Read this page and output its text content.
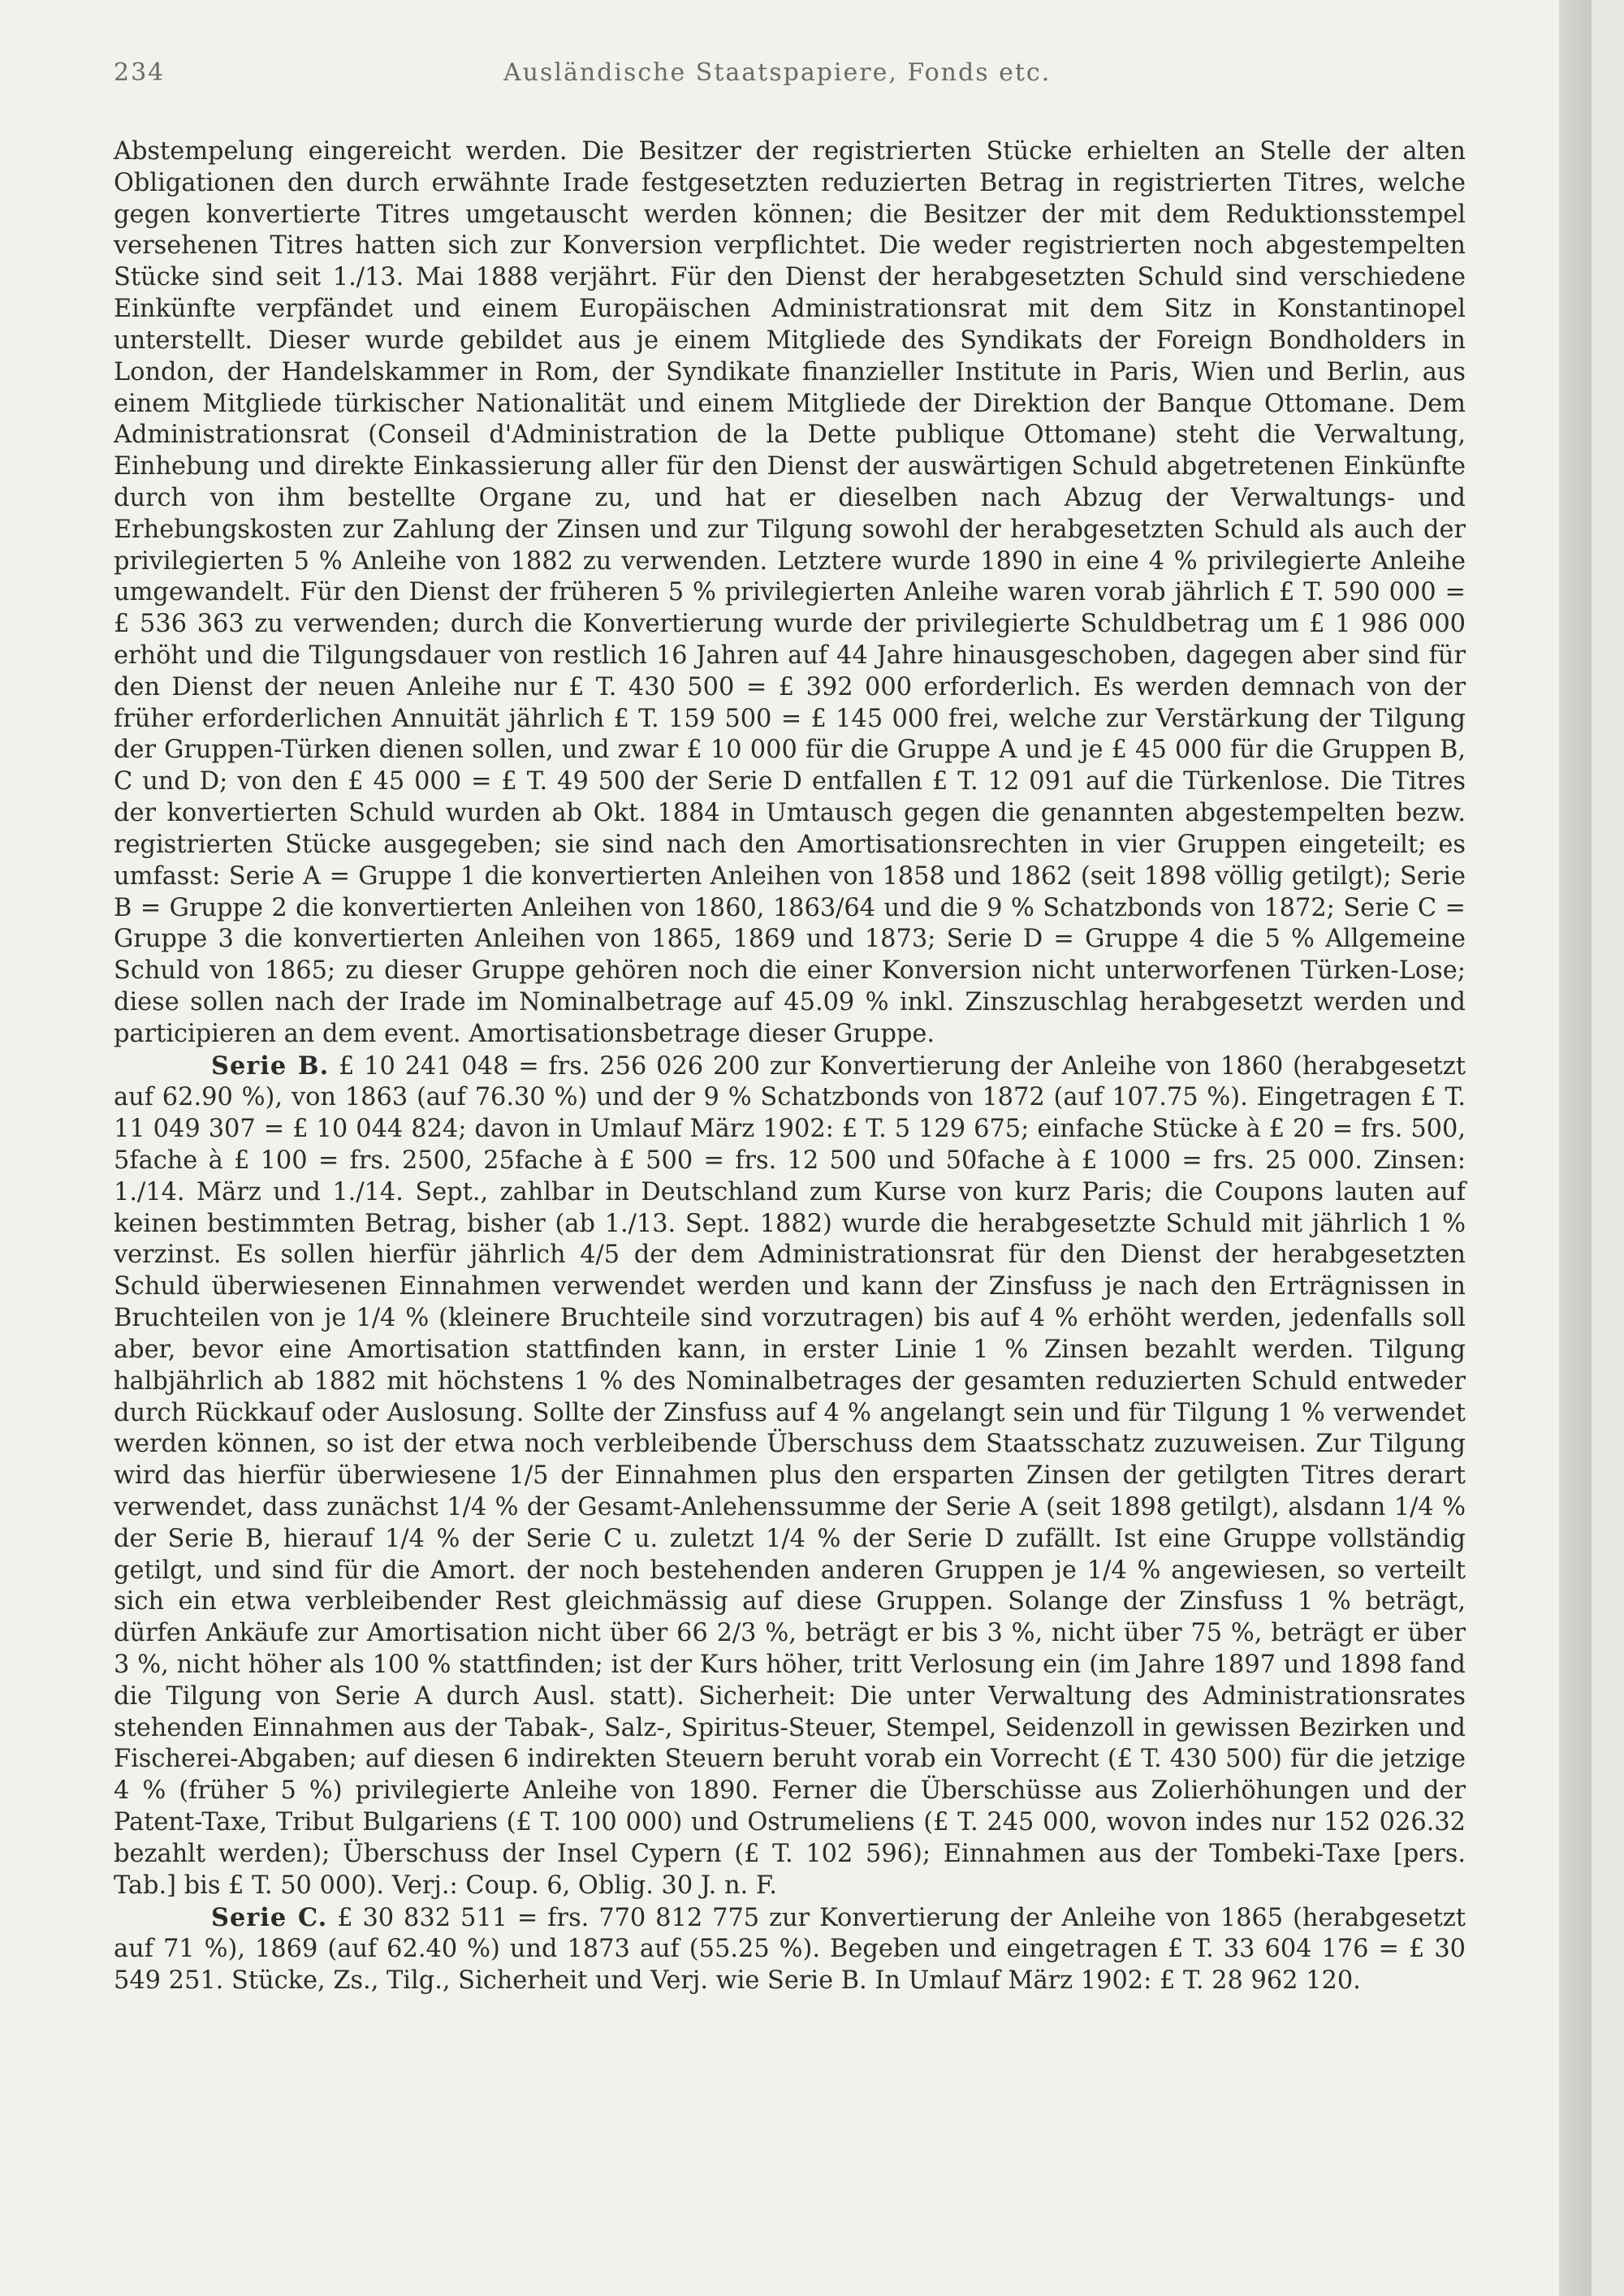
234	Ausländische Staatspapiere, Fonds etc.

Abstempelung eingereicht werden. Die Besitzer der registrierten Stücke erhielten an Stelle der alten Obligationen den durch erwähnte Irade festgesetzten reduzierten Betrag in registrierten Titres, welche gegen konvertierte Titres umgetauscht werden können; die Besitzer der mit dem Reduktionsstempel versehenen Titres hatten sich zur Konversion verpflichtet. Die weder registrierten noch abgestempelten Stücke sind seit 1./13. Mai 1888 verjährt. Für den Dienst der herabgesetzten Schuld sind verschiedene Einkünfte verpfändet und einem Europäischen Administrationsrat mit dem Sitz in Konstantinopel unterstellt. Dieser wurde gebildet aus je einem Mitgliede des Syndikats der Foreign Bondholders in London, der Handelskammer in Rom, der Syndikate finanzieller Institute in Paris, Wien und Berlin, aus einem Mitgliede türkischer Nationalität und einem Mitgliede der Direktion der Banque Ottomane. Dem Administrationsrat (Conseil d'Administration de la Dette publique Ottomane) steht die Verwaltung, Einhebung und direkte Einkassierung aller für den Dienst der auswärtigen Schuld abgetretenen Einkünfte durch von ihm bestellte Organe zu, und hat er dieselben nach Abzug der Verwaltungs- und Erhebungskosten zur Zahlung der Zinsen und zur Tilgung sowohl der herabgesetzten Schuld als auch der privilegierten 5 % Anleihe von 1882 zu verwenden. Letztere wurde 1890 in eine 4 % privilegierte Anleihe umgewandelt. Für den Dienst der früheren 5 % privilegierten Anleihe waren vorab jährlich £ T. 590 000 = £ 536 363 zu verwenden; durch die Konvertierung wurde der privilegierte Schuldbetrag um £ 1 986 000 erhöht und die Tilgungsdauer von restlich 16 Jahren auf 44 Jahre hinausgeschoben, dagegen aber sind für den Dienst der neuen Anleihe nur £ T. 430 500 = £ 392 000 erforderlich. Es werden demnach von der früher erforderlichen Annuität jährlich £ T. 159 500 = £ 145 000 frei, welche zur Verstärkung der Tilgung der Gruppen-Türken dienen sollen, und zwar £ 10 000 für die Gruppe A und je £ 45 000 für die Gruppen B, C und D; von den £ 45 000 = £ T. 49 500 der Serie D entfallen £ T. 12 091 auf die Türkenlose. Die Titres der konvertierten Schuld wurden ab Okt. 1884 in Umtausch gegen die genannten abgestempelten bezw. registrierten Stücke ausgegeben; sie sind nach den Amortisationsrechten in vier Gruppen eingeteilt; es umfasst: Serie A = Gruppe 1 die konvertierten Anleihen von 1858 und 1862 (seit 1898 völlig getilgt); Serie B = Gruppe 2 die konvertierten Anleihen von 1860, 1863/64 und die 9 % Schatzbonds von 1872; Serie C = Gruppe 3 die konvertierten Anleihen von 1865, 1869 und 1873; Serie D = Gruppe 4 die 5 % Allgemeine Schuld von 1865; zu dieser Gruppe gehören noch die einer Konversion nicht unterworfenen Türken-Lose; diese sollen nach der Irade im Nominalbetrage auf 45.09 % inkl. Zinszuschlag herabgesetzt werden und participieren an dem event. Amortisationsbetrage dieser Gruppe.

Serie B. £ 10 241 048 = frs. 256 026 200 zur Konvertierung der Anleihe von 1860 (herabgesetzt auf 62.90 %), von 1863 (auf 76.30 %) und der 9 % Schatzbonds von 1872 (auf 107.75 %). Eingetragen £ T. 11 049 307 = £ 10 044 824; davon in Umlauf März 1902: £ T. 5 129 675; einfache Stücke à £ 20 = frs. 500, 5fache à £ 100 = frs. 2500, 25fache à £ 500 = frs. 12 500 und 50fache à £ 1000 = frs. 25 000. Zinsen: 1./14. März und 1./14. Sept., zahlbar in Deutschland zum Kurse von kurz Paris; die Coupons lauten auf keinen bestimmten Betrag, bisher (ab 1./13. Sept. 1882) wurde die herabgesetzte Schuld mit jährlich 1 % verzinst. Es sollen hierfür jährlich 4/5 der dem Administrationsrat für den Dienst der herabgesetzten Schuld überwiesenen Einnahmen verwendet werden und kann der Zinsfuss je nach den Erträgnissen in Bruchteilen von je 1/4 % (kleinere Bruchteile sind vorzutragen) bis auf 4 % erhöht werden, jedenfalls soll aber, bevor eine Amortisation stattfinden kann, in erster Linie 1 % Zinsen bezahlt werden. Tilgung halbjährlich ab 1882 mit höchstens 1 % des Nominalbetrages der gesamten reduzierten Schuld entweder durch Rückkauf oder Auslosung. Sollte der Zinsfuss auf 4 % angelangt sein und für Tilgung 1 % verwendet werden können, so ist der etwa noch verbleibende Überschuss dem Staatsschatz zuzuweisen. Zur Tilgung wird das hierfür überwiesene 1/5 der Einnahmen plus den ersparten Zinsen der getilgten Titres derart verwendet, dass zunächst 1/4 % der Gesamt-Anlehenssumme der Serie A (seit 1898 getilgt), alsdann 1/4 % der Serie B, hierauf 1/4 % der Serie C u. zuletzt 1/4 % der Serie D zufällt. Ist eine Gruppe vollständig getilgt, und sind für die Amort. der noch bestehenden anderen Gruppen je 1/4 % angewiesen, so verteilt sich ein etwa verbleibender Rest gleichmässig auf diese Gruppen. Solange der Zinsfuss 1 % beträgt, dürfen Ankäufe zur Amortisation nicht über 66 2/3 %, beträgt er bis 3 %, nicht über 75 %, beträgt er über 3 %, nicht höher als 100 % stattfinden; ist der Kurs höher, tritt Verlosung ein (im Jahre 1897 und 1898 fand die Tilgung von Serie A durch Ausl. statt). Sicherheit: Die unter Verwaltung des Administrationsrates stehenden Einnahmen aus der Tabak-, Salz-, Spiritus-Steuer, Stempel, Seidenzoll in gewissen Bezirken und Fischerei-Abgaben; auf diesen 6 indirekten Steuern beruht vorab ein Vorrecht (£ T. 430 500) für die jetzige 4 % (früher 5 %) privilegierte Anleihe von 1890. Ferner die Überschüsse aus Zolierhöhungen und der Patent-Taxe, Tribut Bulgariens (£ T. 100 000) und Ostrumeliens (£ T. 245 000, wovon indes nur 152 026.32 bezahlt werden); Überschuss der Insel Cypern (£ T. 102 596); Einnahmen aus der Tombeki-Taxe [pers. Tab.] bis £ T. 50 000). Verj.: Coup. 6, Oblig. 30 J. n. F.

Serie C. £ 30 832 511 = frs. 770 812 775 zur Konvertierung der Anleihe von 1865 (herabgesetzt auf 71 %), 1869 (auf 62.40 %) und 1873 auf (55.25 %). Begeben und eingetragen £ T. 33 604 176 = £ 30 549 251. Stücke, Zs., Tilg., Sicherheit und Verj. wie Serie B. In Umlauf März 1902: £ T. 28 962 120.
